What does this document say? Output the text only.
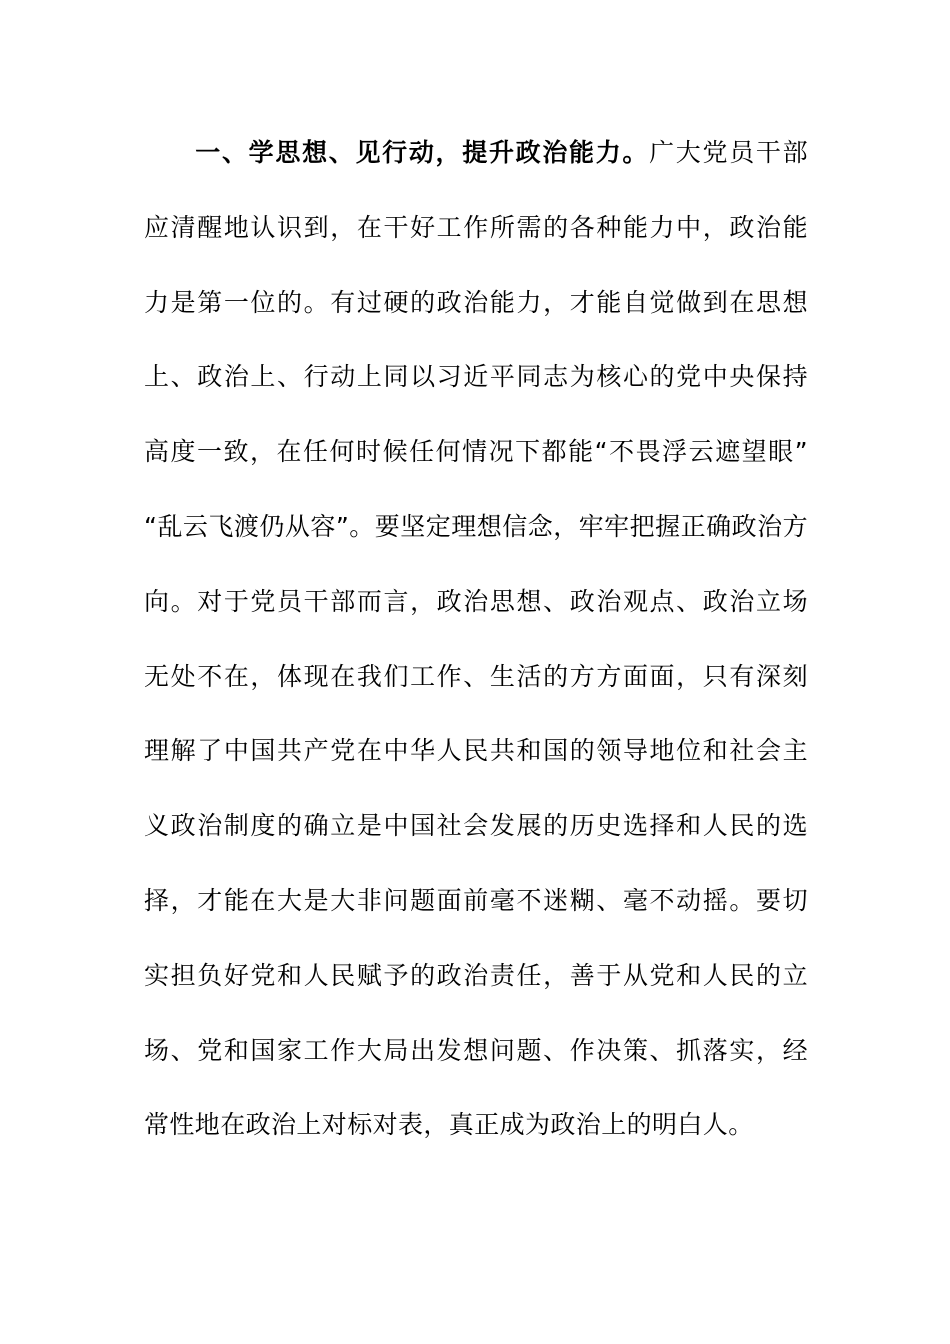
一、学思想、见行动，提升政治能力。广大党员干部
应清醒地认识到，在干好工作所需的各种能力中，政治能
力是第一位的。有过硬的政治能力，才能自觉做到在思想
上、政治上、行动上同以习近平同志为核心的党中央保持
高度一致，在任何时候任何情况下都能“不畏浮云遮望眼”
“乱云飞渡仍从容”。要坚定理想信念，牢牢把握正确政治方
向。对于党员干部而言，政治思想、政治观点、政治立场
无处不在，体现在我们工作、生活的方方面面，只有深刻
理解了中国共产党在中华人民共和国的领导地位和社会主
义政治制度的确立是中国社会发展的历史选择和人民的选
择，才能在大是大非问题面前毫不迷糊、毫不动摇。要切
实担负好党和人民赋予的政治责任，善于从党和人民的立
场、党和国家工作大局出发想问题、作决策、抓落实，经
常性地在政治上对标对表，真正成为政治上的明白人。
